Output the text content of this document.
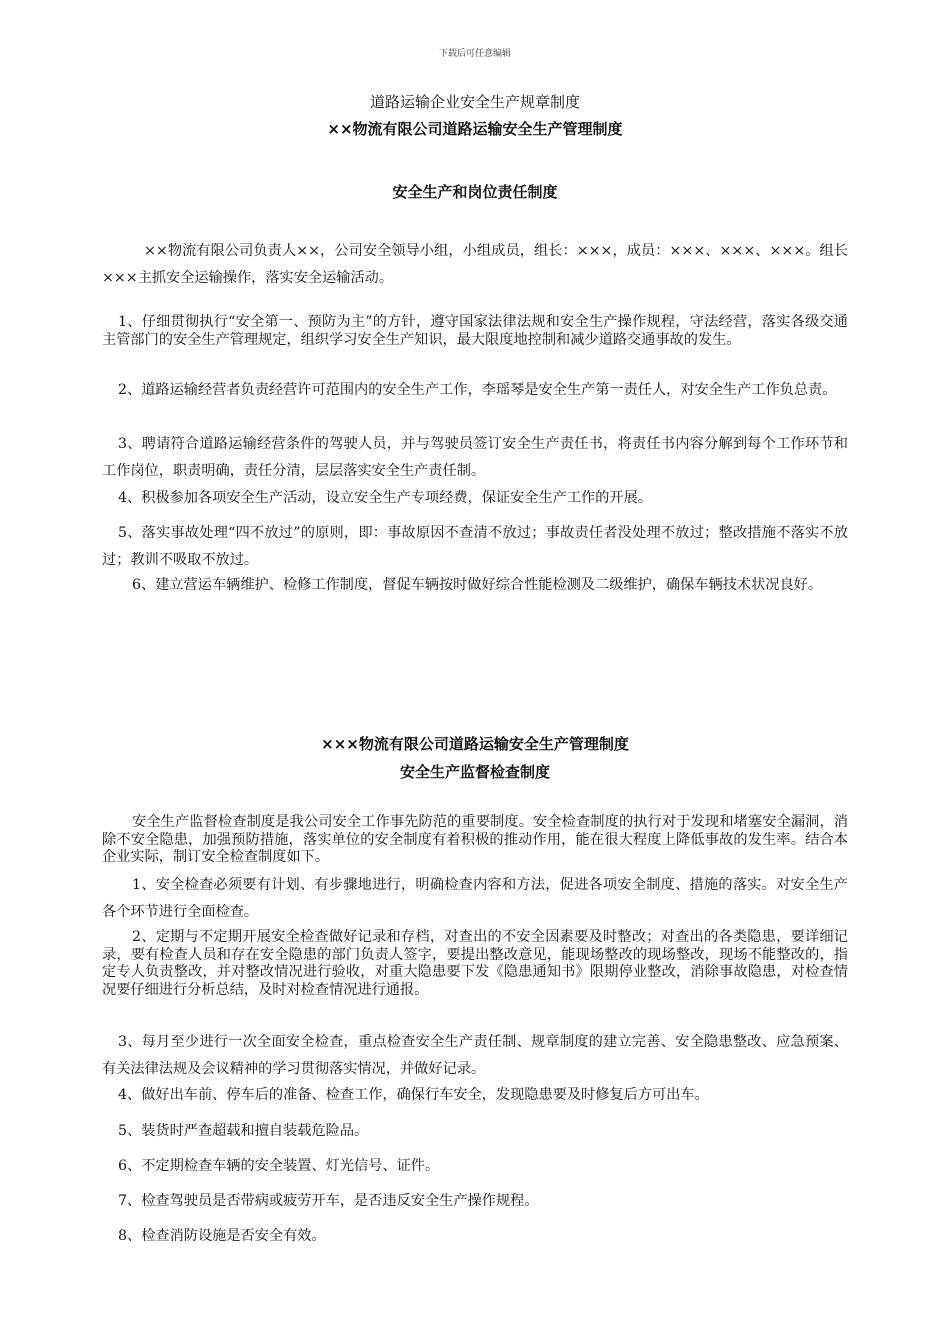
下载后可任意编辑
道路运输企业安全生产规章制度
××物流有限公司道路运输安全生产管理制度
安全生产和岗位责任制度
××物流有限公司负责人××，公司安全领导小组，小组成员，组长：×××，成员：×××、×××、×××。组长×××主抓安全运输操作，落实安全运输活动。
1、仔细贯彻执行“安全第一、预防为主”的方针，遵守国家法律法规和安全生产操作规程，守法经营，落实各级交通主管部门的安全生产管理规定，组织学习安全生产知识，最大限度地控制和减少道路交通事故的发生。
2、道路运输经营者负责经营许可范围内的安全生产工作，李瑶琴是安全生产第一责任人，对安全生产工作负总责。
3、聘请符合道路运输经营条件的驾驶人员，并与驾驶员签订安全生产责任书，将责任书内容分解到每个工作环节和工作岗位，职责明确，责任分清，层层落实安全生产责任制。
4、积极参加各项安全生产活动，设立安全生产专项经费，保证安全生产工作的开展。
5、落实事故处理“四不放过”的原则，即：事故原因不查清不放过；事故责任者没处理不放过；整改措施不落实不放过；教训不吸取不放过。
6、建立营运车辆维护、检修工作制度，督促车辆按时做好综合性能检测及二级维护，确保车辆技术状况良好。
×××物流有限公司道路运输安全生产管理制度
安全生产监督检查制度
安全生产监督检查制度是我公司安全工作事先防范的重要制度。安全检查制度的执行对于发现和堵塞安全漏洞，消除不安全隐患，加强预防措施，落实单位的安全制度有着积极的推动作用，能在很大程度上降低事故的发生率。结合本企业实际，制订安全检查制度如下。
1、安全检查必须要有计划、有步骤地进行，明确检查内容和方法，促进各项安全制度、措施的落实。对安全生产各个环节进行全面检查。
2、定期与不定期开展安全检查做好记录和存档，对查出的不安全因素要及时整改；对查出的各类隐患，要详细记录，要有检查人员和存在安全隐患的部门负责人签字，要提出整改意见，能现场整改的现场整改，现场不能整改的，指定专人负责整改，并对整改情况进行验收，对重大隐患要下发《隐患通知书》限期停业整改，消除事故隐患，对检查情况要仔细进行分析总结，及时对检查情况进行通报。
3、每月至少进行一次全面安全检查，重点检查安全生产责任制、规章制度的建立完善、安全隐患整改、应急预案、有关法律法规及会议精神的学习贯彻落实情况，并做好记录。
4、做好出车前、停车后的准备、检查工作，确保行车安全，发现隐患要及时修复后方可出车。
5、装货时严查超载和擅自装载危险品。
6、不定期检查车辆的安全装置、灯光信号、证件。
7、检查驾驶员是否带病或疲劳开车，是否违反安全生产操作规程。
8、检查消防设施是否安全有效。
